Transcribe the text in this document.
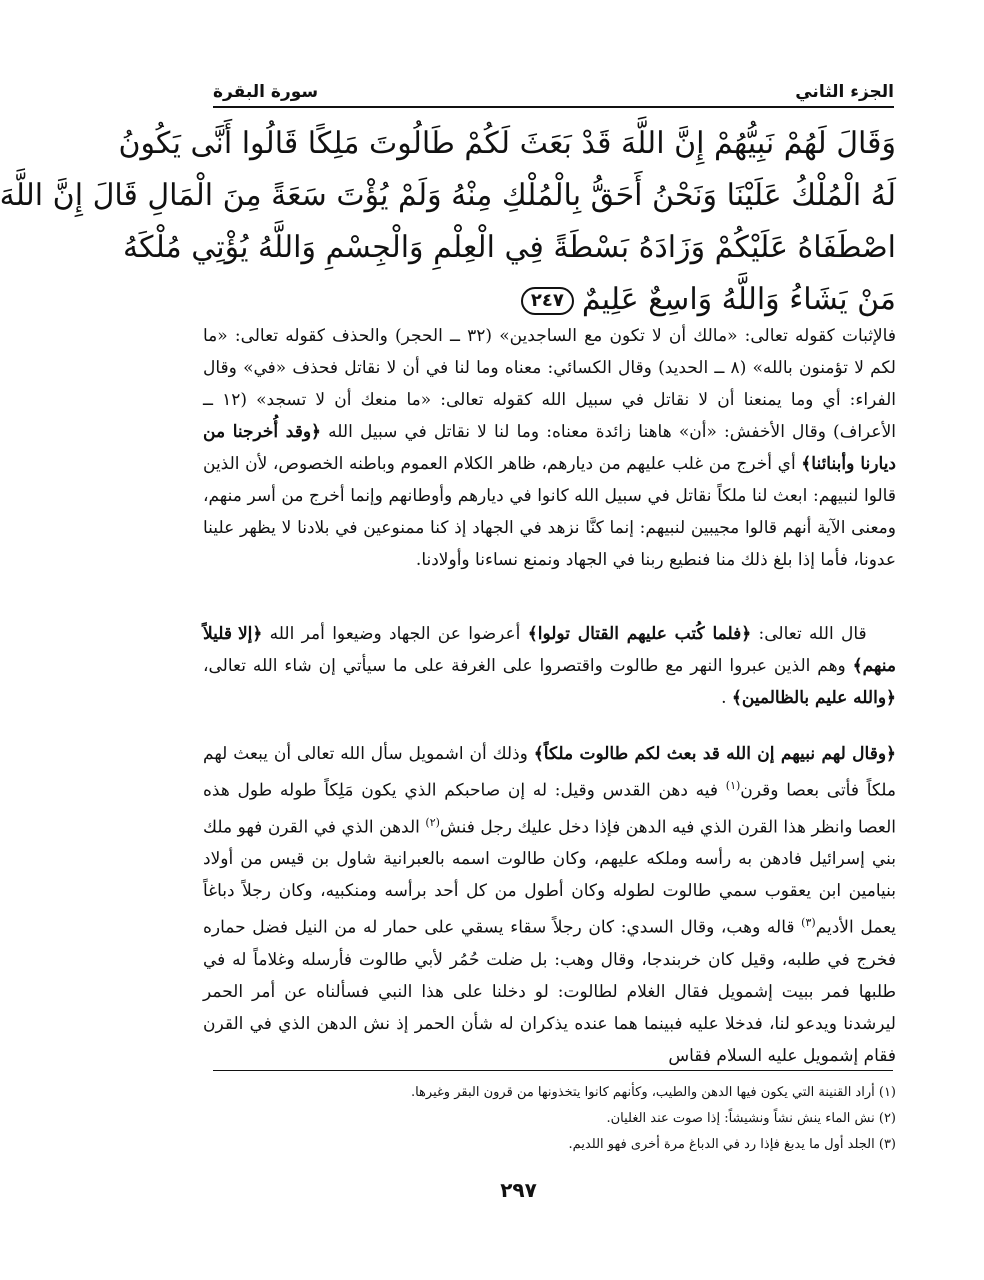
الجزء الثاني
سورة البقرة
وَقَالَ لَهُمْ نَبِيُّهُمْ إِنَّ اللَّهَ قَدْ بَعَثَ لَكُمْ طَالُوتَ مَلِكًا قَالُوا أَنَّى يَكُونُ
لَهُ الْمُلْكُ عَلَيْنَا وَنَحْنُ أَحَقُّ بِالْمُلْكِ مِنْهُ وَلَمْ يُؤْتَ سَعَةً مِنَ الْمَالِ قَالَ إِنَّ اللَّهَ
اصْطَفَاهُ عَلَيْكُمْ وَزَادَهُ بَسْطَةً فِي الْعِلْمِ وَالْجِسْمِ وَاللَّهُ يُؤْتِي مُلْكَهُ
مَنْ يَشَاءُ وَاللَّهُ وَاسِعٌ عَلِيمٌ٢٤٧

فالإثبات كقوله تعالى: «مالك أن لا تكون مع الساجدين» (٣٢ ــ الحجر) والحذف كقوله تعالى: «ما لكم لا تؤمنون بالله» (٨ ــ الحديد) وقال الكسائي: معناه وما لنا في أن لا نقاتل فحذف «في» وقال الفراء: أي وما يمنعنا أن لا نقاتل في سبيل الله كقوله تعالى: «ما منعك أن لا تسجد» (١٢ ــ الأعراف) وقال الأخفش: «أن» هاهنا زائدة معناه: وما لنا لا نقاتل في سبيل الله ﴿وقد أُخرجنا من ديارنا وأبنائنا﴾ أي أخرج من غلب عليهم من ديارهم، ظاهر الكلام العموم وباطنه الخصوص، لأن الذين قالوا لنبيهم: ابعث لنا ملكاً نقاتل في سبيل الله كانوا في ديارهم وأوطانهم وإنما أخرج من أسر منهم، ومعنى الآية أنهم قالوا مجيبين لنبيهم: إنما كنَّا نزهد في الجهاد إذ كنا ممنوعين في بلادنا لا يظهر علينا عدونا، فأما إذا بلغ ذلك منا فنطيع ربنا في الجهاد ونمنع نساءنا وأولادنا.

قال الله تعالى: ﴿فلما كُتب عليهم القتال تولوا﴾ أعرضوا عن الجهاد وضيعوا أمر الله ﴿إلا قليلاً منهم﴾ وهم الذين عبروا النهر مع طالوت واقتصروا على الغرفة على ما سيأتي إن شاء الله تعالى، ﴿والله عليم بالظالمين﴾ .

﴿وقال لهم نبيهم إن الله قد بعث لكم طالوت ملكاً﴾ وذلك أن اشمويل سأل الله تعالى أن يبعث لهم ملكاً فأتى بعصا وقرن$^{(١)}$ فيه دهن القدس وقيل: له إن صاحبكم الذي يكون مَلِكاً طوله طول هذه العصا وانظر هذا القرن الذي فيه الدهن فإذا دخل عليك رجل فنش$^{(٢)}$ الدهن الذي في القرن فهو ملك بني إسرائيل فادهن به رأسه وملكه عليهم، وكان طالوت اسمه بالعبرانية شاول بن قيس من أولاد بنيامين ابن يعقوب سمي طالوت لطوله وكان أطول من كل أحد برأسه ومنكبيه، وكان رجلاً دباغاً يعمل الأديم$^{(٣)}$ قاله وهب، وقال السدي: كان رجلاً سقاء يسقي على حمار له من النيل فضل حماره فخرج في طلبه، وقيل كان خربندجا، وقال وهب: بل ضلت حُمُر لأبي طالوت فأرسله وغلاماً له في طلبها فمر ببيت إشمويل فقال الغلام لطالوت: لو دخلنا على هذا النبي فسألناه عن أمر الحمر ليرشدنا ويدعو لنا، فدخلا عليه فبينما هما عنده يذكران له شأن الحمر إذ نش الدهن الذي في القرن فقام إشمويل عليه السلام فقاس

(١) أراد القنينة التي يكون فيها الدهن والطيب، وكأنهم كانوا يتخذونها من قرون البقر وغيرها.
(٢) نش الماء ينش نشاً ونشيشاً: إذا صوت عند الغليان.
(٣) الجلد أول ما يدبغ فإذا رد في الدباغ مرة أخرى فهو اللديم.
٢٩٧
